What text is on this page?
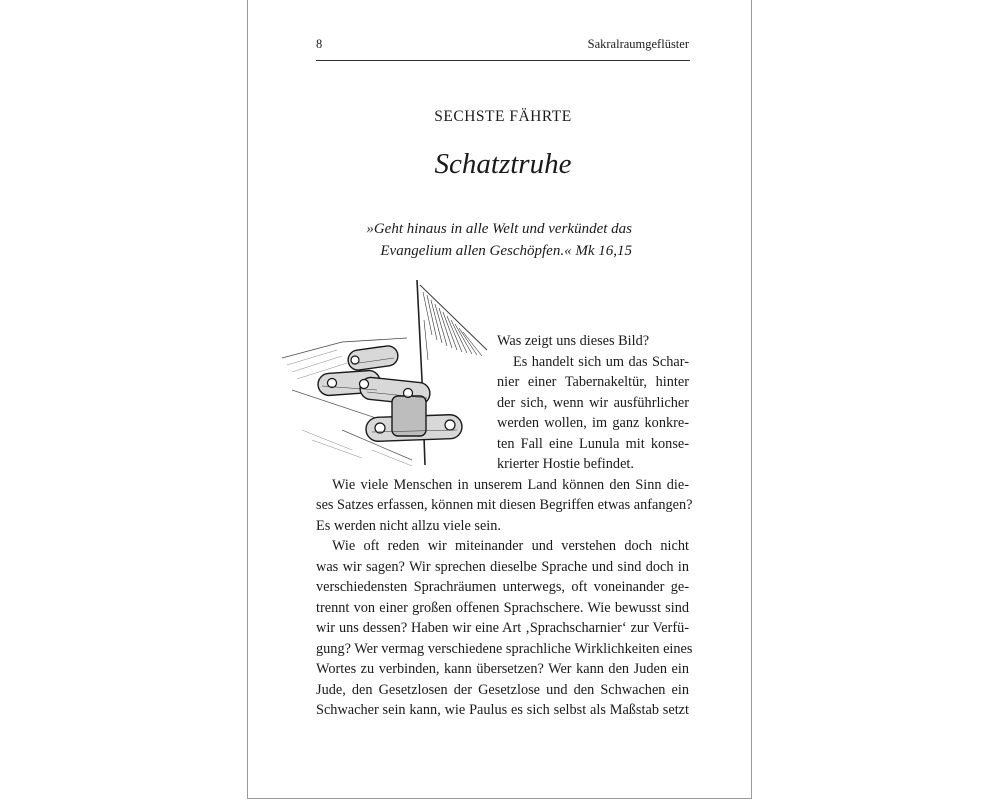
8	Sakralraumgeflüster
SECHSTE FÄHRTE
Schatztruhe
»Geht hinaus in alle Welt und verkündet das
Evangelium allen Geschöpfen.« Mk 16,15
Was zeigt uns dieses Bild?
Es handelt sich um das Schar-
nier einer Tabernakeltür, hinter
der sich, wenn wir ausführlicher
werden wollen, im ganz konkre-
ten Fall eine Lunula mit konse-
krierter Hostie befindet.
Wie viele Menschen in unserem Land können den Sinn die-
ses Satzes erfassen, können mit diesen Begriffen etwas anfangen?
Es werden nicht allzu viele sein.
Wie oft reden wir miteinander und verstehen doch nicht
was wir sagen? Wir sprechen dieselbe Sprache und sind doch in
verschiedensten Sprachräumen unterwegs, oft voneinander ge-
trennt von einer großen offenen Sprachschere. Wie bewusst sind
wir uns dessen? Haben wir eine Art ‚Sprachscharnier‘ zur Verfü-
gung? Wer vermag verschiedene sprachliche Wirklichkeiten eines
Wortes zu verbinden, kann übersetzen? Wer kann den Juden ein
Jude, den Gesetzlosen der Gesetzlose und den Schwachen ein
Schwacher sein kann, wie Paulus es sich selbst als Maßstab setzt
